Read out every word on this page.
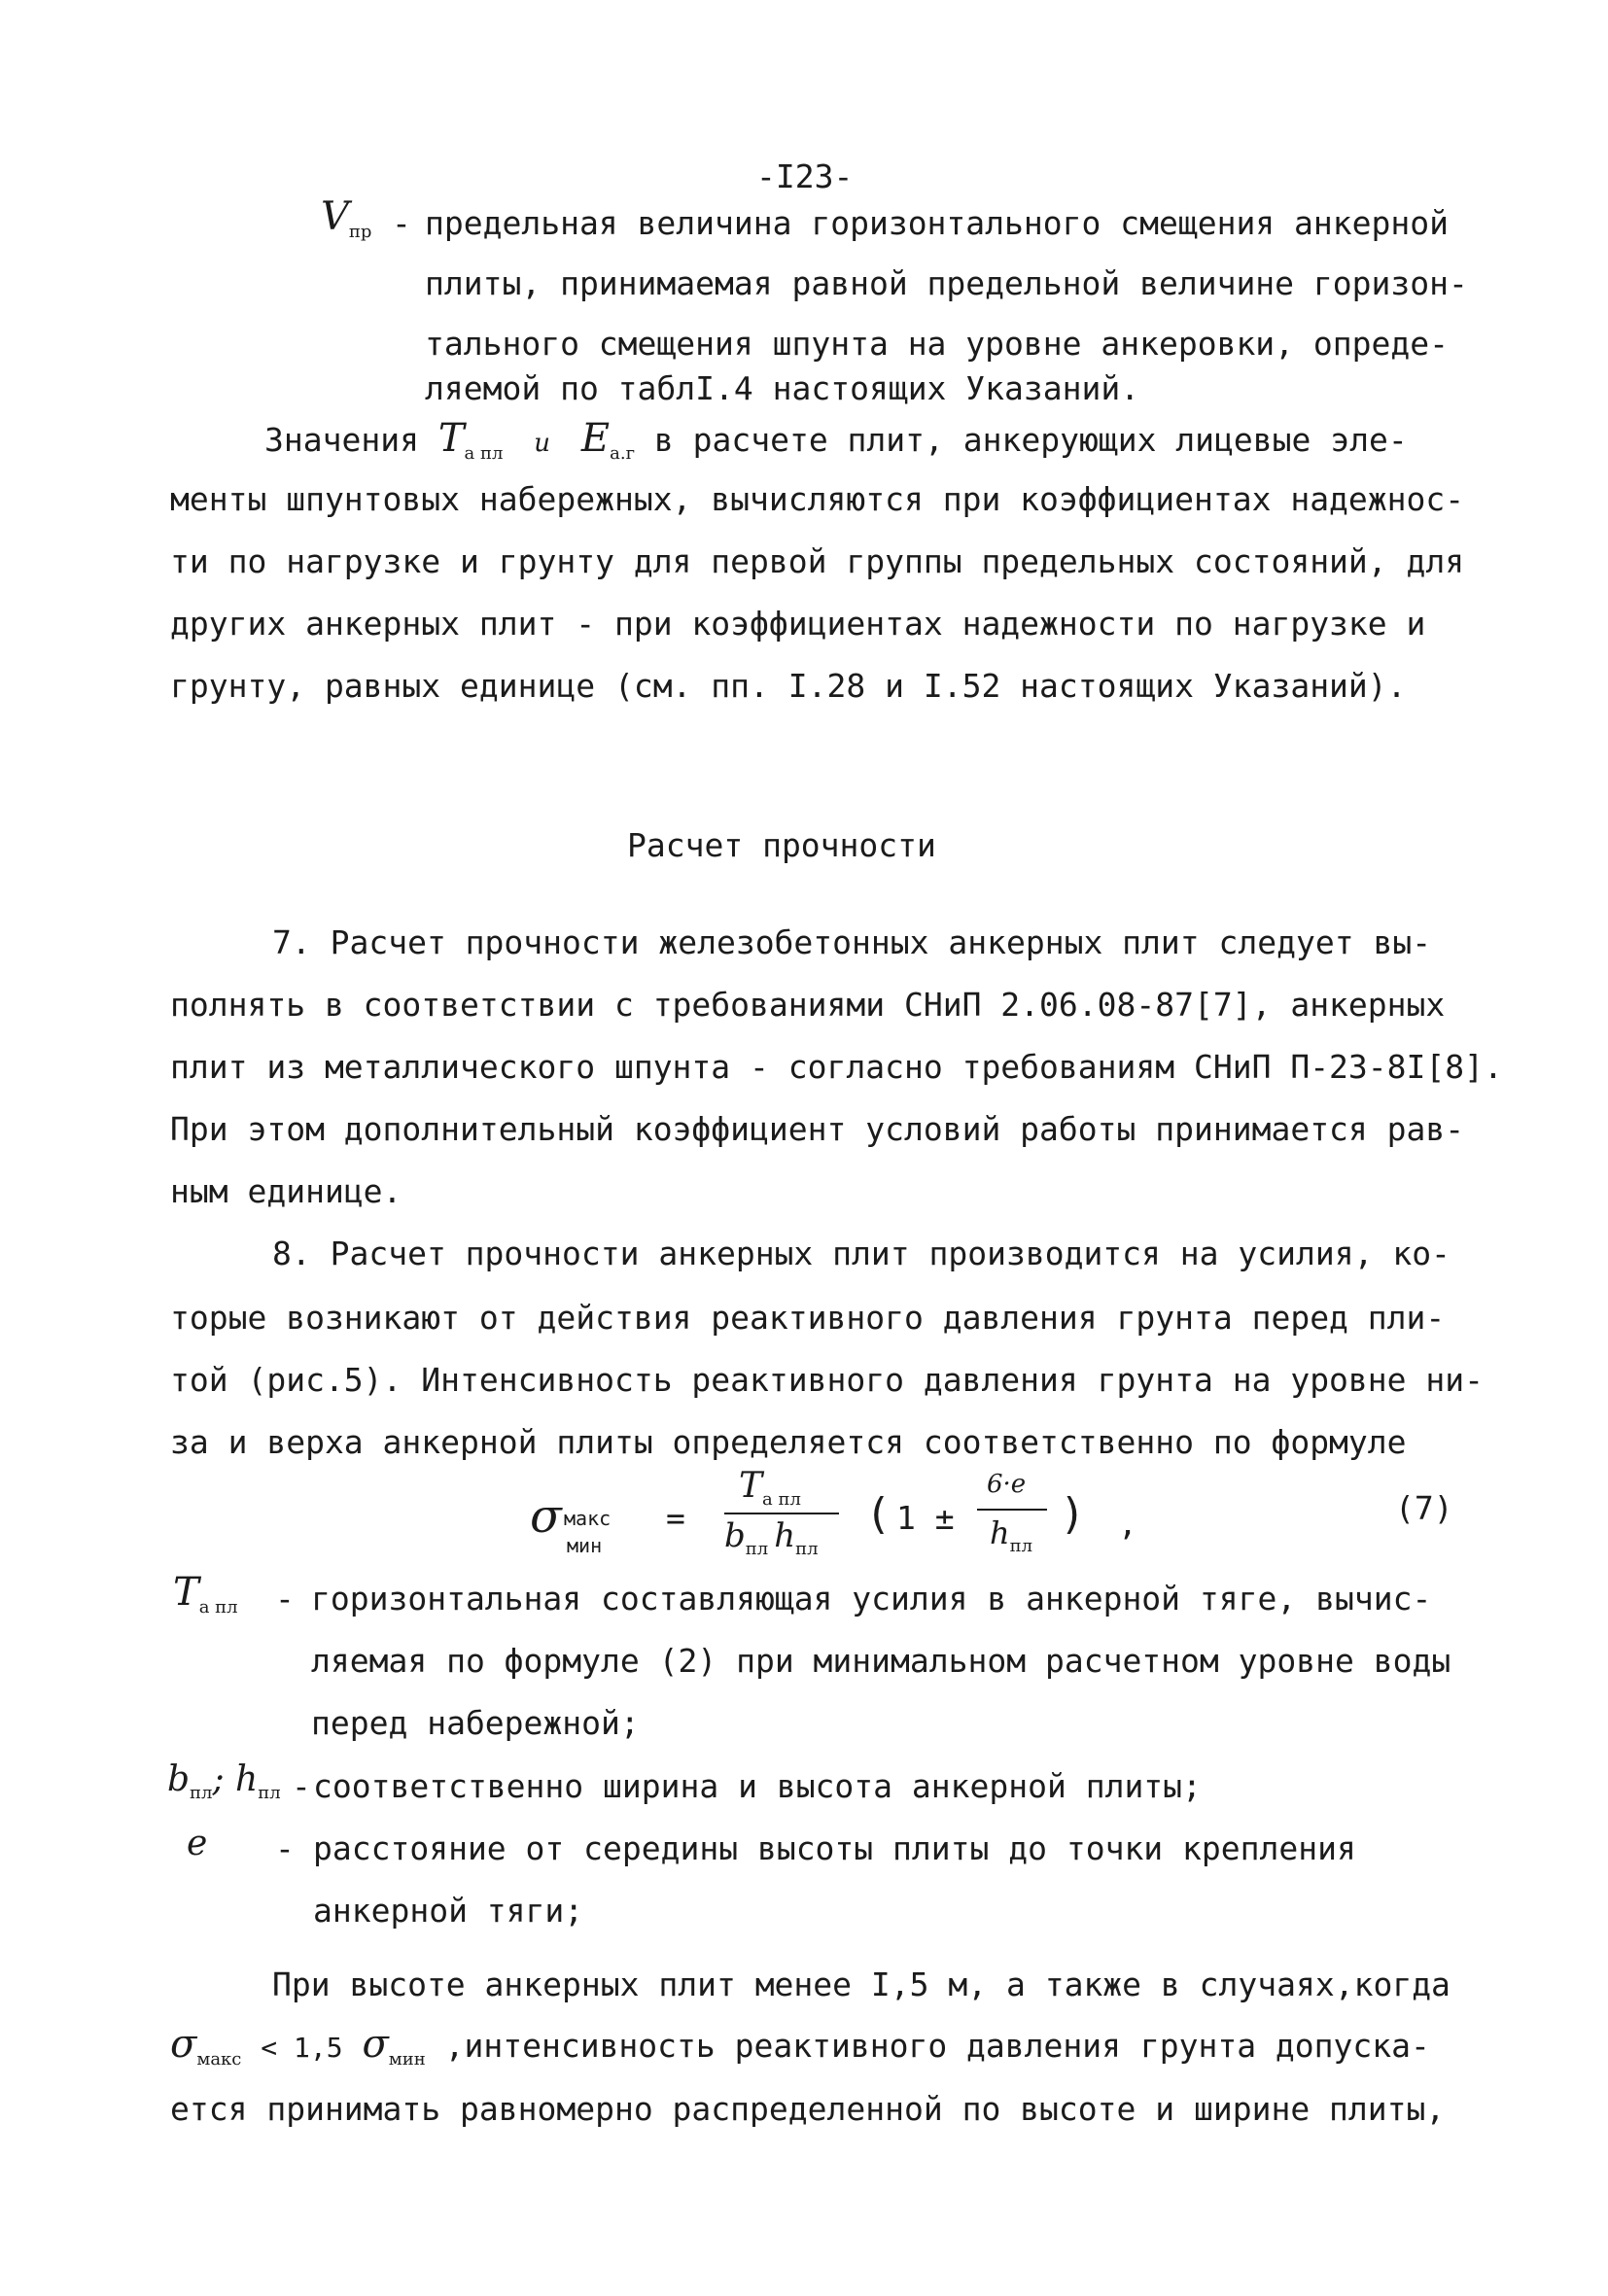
-I23-
$V_{пр}$ - предельная величина горизонтального смещения анкерной
плиты, принимаемая равной предельной величине горизон-
тального смещения шпунта на уровне анкеровки, опреде-
ляемой по таблI.4 настоящих Указаний.
Значения $T_{а пл}$ и $E_{а.г}$ в расчете плит, анкерующих лицевые эле-
менты шпунтовых набережных, вычисляются при коэффициентах надежнос-
ти по нагрузке и грунту для первой группы предельных состояний, для
других анкерных плит - при коэффициентах надежности по нагрузке и
грунту, равных единице (см. пп. I.28 и I.52 настоящих Указаний).
Расчет прочности
7. Расчет прочности железобетонных анкерных плит следует вы-
полнять в соответствии с требованиями СНиП 2.06.08-87[7], анкерных
плит из металлического шпунта - согласно требованиям СНиП П-23-8I[8].
При этом дополнительный коэффициент условий работы принимается рав-
ным единице.
8. Расчет прочности анкерных плит производится на усилия, ко-
торые возникают от действия реактивного давления грунта перед пли-
той (рис.5). Интенсивность реактивного давления грунта на уровне ни-
за и верха анкерной плиты определяется соответственно по формуле
σ макс
мин
=
$T_{а пл}$
$b_{пл}$ $h_{пл}$
( 1 ±
6·e
$h_{пл}$
) ,	(7)
$T_{а пл}$ - горизонтальная составляющая усилия в анкерной тяге, вычис-
ляемая по формуле (2) при минимальном расчетном уровне воды
перед набережной;
$b_{пл}$; $h_{пл}$ - соответственно ширина и высота анкерной плиты;
e - расстояние от середины высоты плиты до точки крепления
анкерной тяги;
При высоте анкерных плит менее I,5 м, а также в случаях,когда
$\sigma_{макс} < 1,5$ $\sigma_{мин}$ ,интенсивность реактивного давления грунта допуска-
ется принимать равномерно распределенной по высоте и ширине плиты,
